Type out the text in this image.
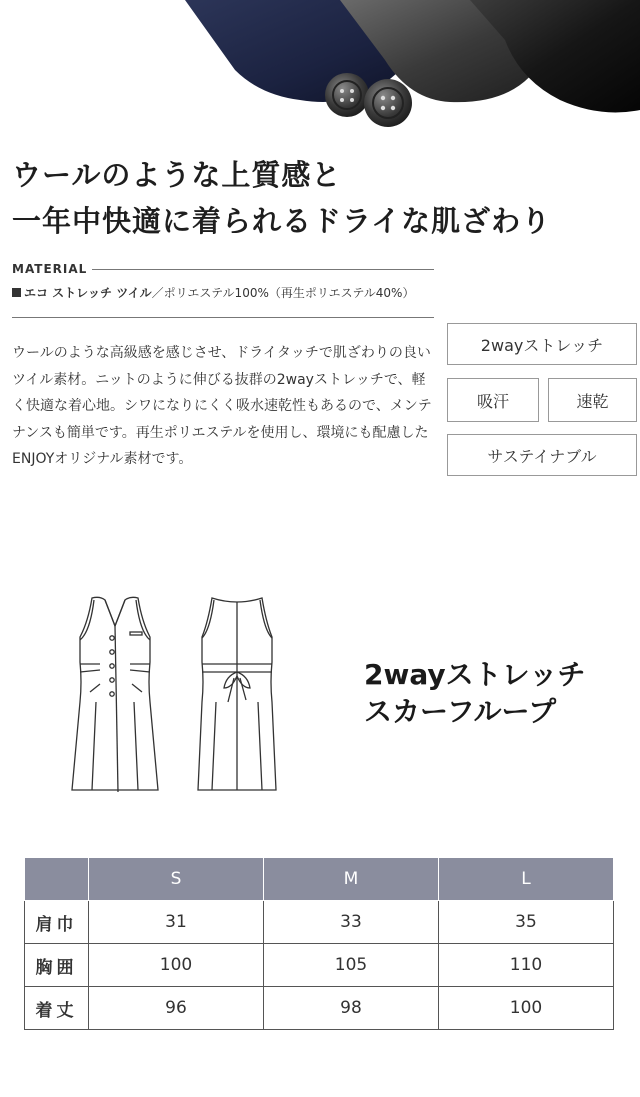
ウールのような上質感と
一年中快適に着られるドライな肌ざわり
MATERIAL
エコ ストレッチ ツイル／ポリエステル100%（再生ポリエステル40%）

ウールのような高級感を感じさせ、ドライタッチで肌ざわりの良いツイル素材。ニットのように伸びる抜群の2wayストレッチで、軽く快適な着心地。シワになりにくく吸水速乾性もあるので、メンテナンスも簡単です。再生ポリエステルを使用し、環境にも配慮したENJOYオリジナル素材です。

2wayストレッチ
吸汗	速乾
サステイナブル
2wayストレッチ
スカーフループ
	S	M	L
肩巾	31	33	35
胸囲	100	105	110
着丈	96	98	100
